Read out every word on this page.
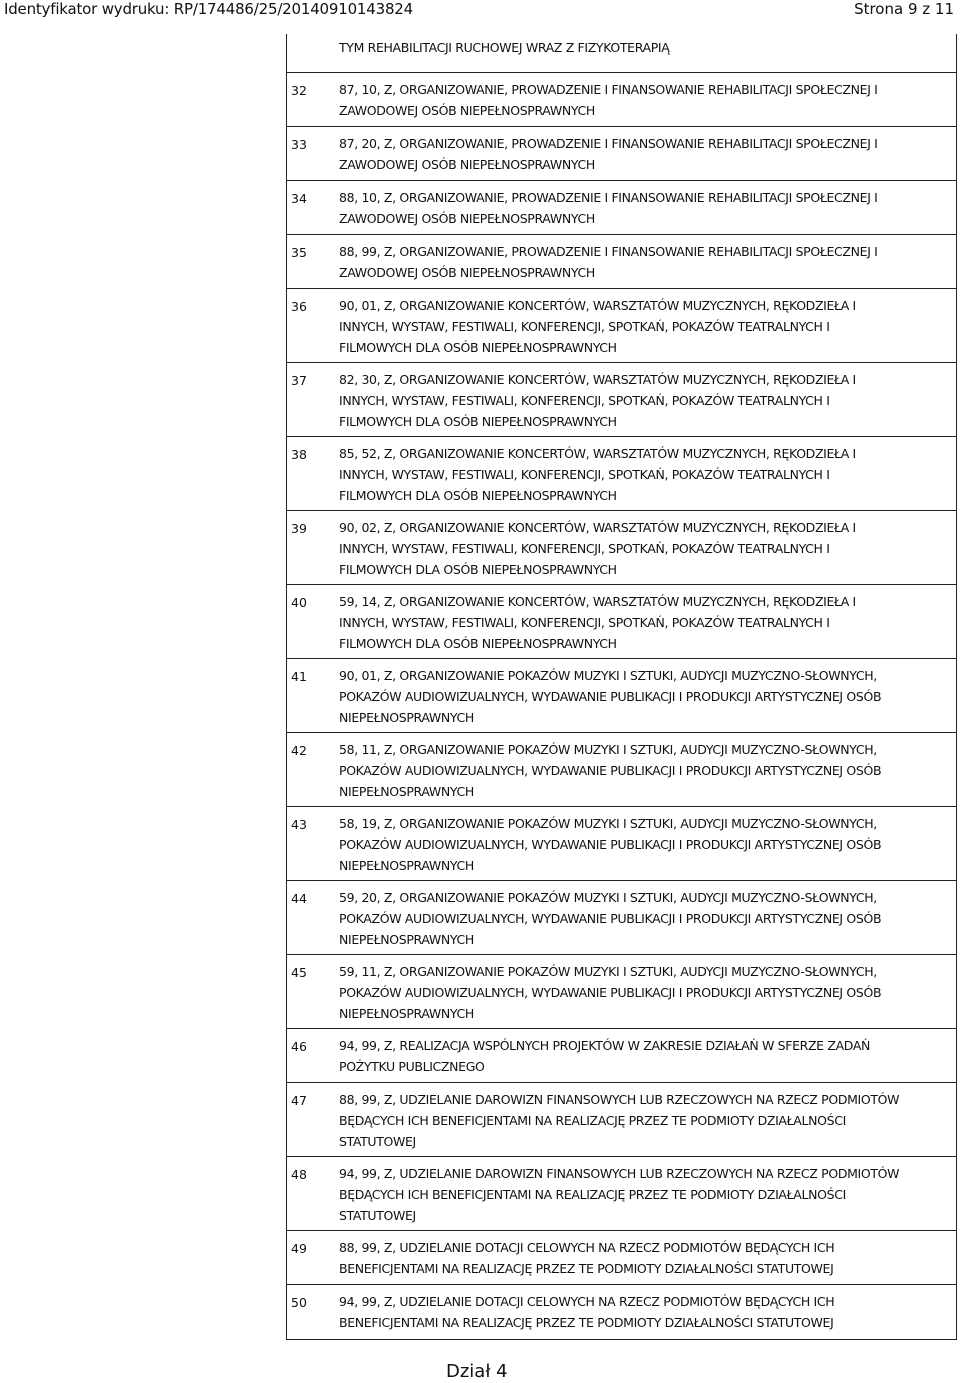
Identyfikator wydruku: RP/174486/25/20140910143824	Strona 9 z 11
TYM REHABILITACJI RUCHOWEJ WRAZ Z FIZYKOTERAPIĄ
32	87, 10, Z, ORGANIZOWANIE, PROWADZENIE I FINANSOWANIE REHABILITACJI SPOŁECZNEJ I
ZAWODOWEJ OSÓB NIEPEŁNOSPRAWNYCH
33	87, 20, Z, ORGANIZOWANIE, PROWADZENIE I FINANSOWANIE REHABILITACJI SPOŁECZNEJ I
ZAWODOWEJ OSÓB NIEPEŁNOSPRAWNYCH
34	88, 10, Z, ORGANIZOWANIE, PROWADZENIE I FINANSOWANIE REHABILITACJI SPOŁECZNEJ I
ZAWODOWEJ OSÓB NIEPEŁNOSPRAWNYCH
35	88, 99, Z, ORGANIZOWANIE, PROWADZENIE I FINANSOWANIE REHABILITACJI SPOŁECZNEJ I
ZAWODOWEJ OSÓB NIEPEŁNOSPRAWNYCH
36	90, 01, Z, ORGANIZOWANIE KONCERTÓW, WARSZTATÓW MUZYCZNYCH, RĘKODZIEŁA I
INNYCH, WYSTAW, FESTIWALI, KONFERENCJI, SPOTKAŃ, POKAZÓW TEATRALNYCH I
FILMOWYCH DLA OSÓB NIEPEŁNOSPRAWNYCH
37	82, 30, Z, ORGANIZOWANIE KONCERTÓW, WARSZTATÓW MUZYCZNYCH, RĘKODZIEŁA I
INNYCH, WYSTAW, FESTIWALI, KONFERENCJI, SPOTKAŃ, POKAZÓW TEATRALNYCH I
FILMOWYCH DLA OSÓB NIEPEŁNOSPRAWNYCH
38	85, 52, Z, ORGANIZOWANIE KONCERTÓW, WARSZTATÓW MUZYCZNYCH, RĘKODZIEŁA I
INNYCH, WYSTAW, FESTIWALI, KONFERENCJI, SPOTKAŃ, POKAZÓW TEATRALNYCH I
FILMOWYCH DLA OSÓB NIEPEŁNOSPRAWNYCH
39	90, 02, Z, ORGANIZOWANIE KONCERTÓW, WARSZTATÓW MUZYCZNYCH, RĘKODZIEŁA I
INNYCH, WYSTAW, FESTIWALI, KONFERENCJI, SPOTKAŃ, POKAZÓW TEATRALNYCH I
FILMOWYCH DLA OSÓB NIEPEŁNOSPRAWNYCH
40	59, 14, Z, ORGANIZOWANIE KONCERTÓW, WARSZTATÓW MUZYCZNYCH, RĘKODZIEŁA I
INNYCH, WYSTAW, FESTIWALI, KONFERENCJI, SPOTKAŃ, POKAZÓW TEATRALNYCH I
FILMOWYCH DLA OSÓB NIEPEŁNOSPRAWNYCH
41	90, 01, Z, ORGANIZOWANIE POKAZÓW MUZYKI I SZTUKI, AUDYCJI MUZYCZNO-SŁOWNYCH,
POKAZÓW AUDIOWIZUALNYCH, WYDAWANIE PUBLIKACJI I PRODUKCJI ARTYSTYCZNEJ OSÓB
NIEPEŁNOSPRAWNYCH
42	58, 11, Z, ORGANIZOWANIE POKAZÓW MUZYKI I SZTUKI, AUDYCJI MUZYCZNO-SŁOWNYCH,
POKAZÓW AUDIOWIZUALNYCH, WYDAWANIE PUBLIKACJI I PRODUKCJI ARTYSTYCZNEJ OSÓB
NIEPEŁNOSPRAWNYCH
43	58, 19, Z, ORGANIZOWANIE POKAZÓW MUZYKI I SZTUKI, AUDYCJI MUZYCZNO-SŁOWNYCH,
POKAZÓW AUDIOWIZUALNYCH, WYDAWANIE PUBLIKACJI I PRODUKCJI ARTYSTYCZNEJ OSÓB
NIEPEŁNOSPRAWNYCH
44	59, 20, Z, ORGANIZOWANIE POKAZÓW MUZYKI I SZTUKI, AUDYCJI MUZYCZNO-SŁOWNYCH,
POKAZÓW AUDIOWIZUALNYCH, WYDAWANIE PUBLIKACJI I PRODUKCJI ARTYSTYCZNEJ OSÓB
NIEPEŁNOSPRAWNYCH
45	59, 11, Z, ORGANIZOWANIE POKAZÓW MUZYKI I SZTUKI, AUDYCJI MUZYCZNO-SŁOWNYCH,
POKAZÓW AUDIOWIZUALNYCH, WYDAWANIE PUBLIKACJI I PRODUKCJI ARTYSTYCZNEJ OSÓB
NIEPEŁNOSPRAWNYCH
46	94, 99, Z, REALIZACJA WSPÓLNYCH PROJEKTÓW W ZAKRESIE DZIAŁAŃ W SFERZE ZADAŃ
POŻYTKU PUBLICZNEGO
47	88, 99, Z, UDZIELANIE DAROWIZN FINANSOWYCH LUB RZECZOWYCH NA RZECZ PODMIOTÓW
BĘDĄCYCH ICH BENEFICJENTAMI NA REALIZACJĘ PRZEZ TE PODMIOTY DZIAŁALNOŚCI
STATUTOWEJ
48	94, 99, Z, UDZIELANIE DAROWIZN FINANSOWYCH LUB RZECZOWYCH NA RZECZ PODMIOTÓW
BĘDĄCYCH ICH BENEFICJENTAMI NA REALIZACJĘ PRZEZ TE PODMIOTY DZIAŁALNOŚCI
STATUTOWEJ
49	88, 99, Z, UDZIELANIE DOTACJI CELOWYCH NA RZECZ PODMIOTÓW BĘDĄCYCH ICH
BENEFICJENTAMI NA REALIZACJĘ PRZEZ TE PODMIOTY DZIAŁALNOŚCI STATUTOWEJ
50	94, 99, Z, UDZIELANIE DOTACJI CELOWYCH NA RZECZ PODMIOTÓW BĘDĄCYCH ICH
BENEFICJENTAMI NA REALIZACJĘ PRZEZ TE PODMIOTY DZIAŁALNOŚCI STATUTOWEJ
Dział 4
